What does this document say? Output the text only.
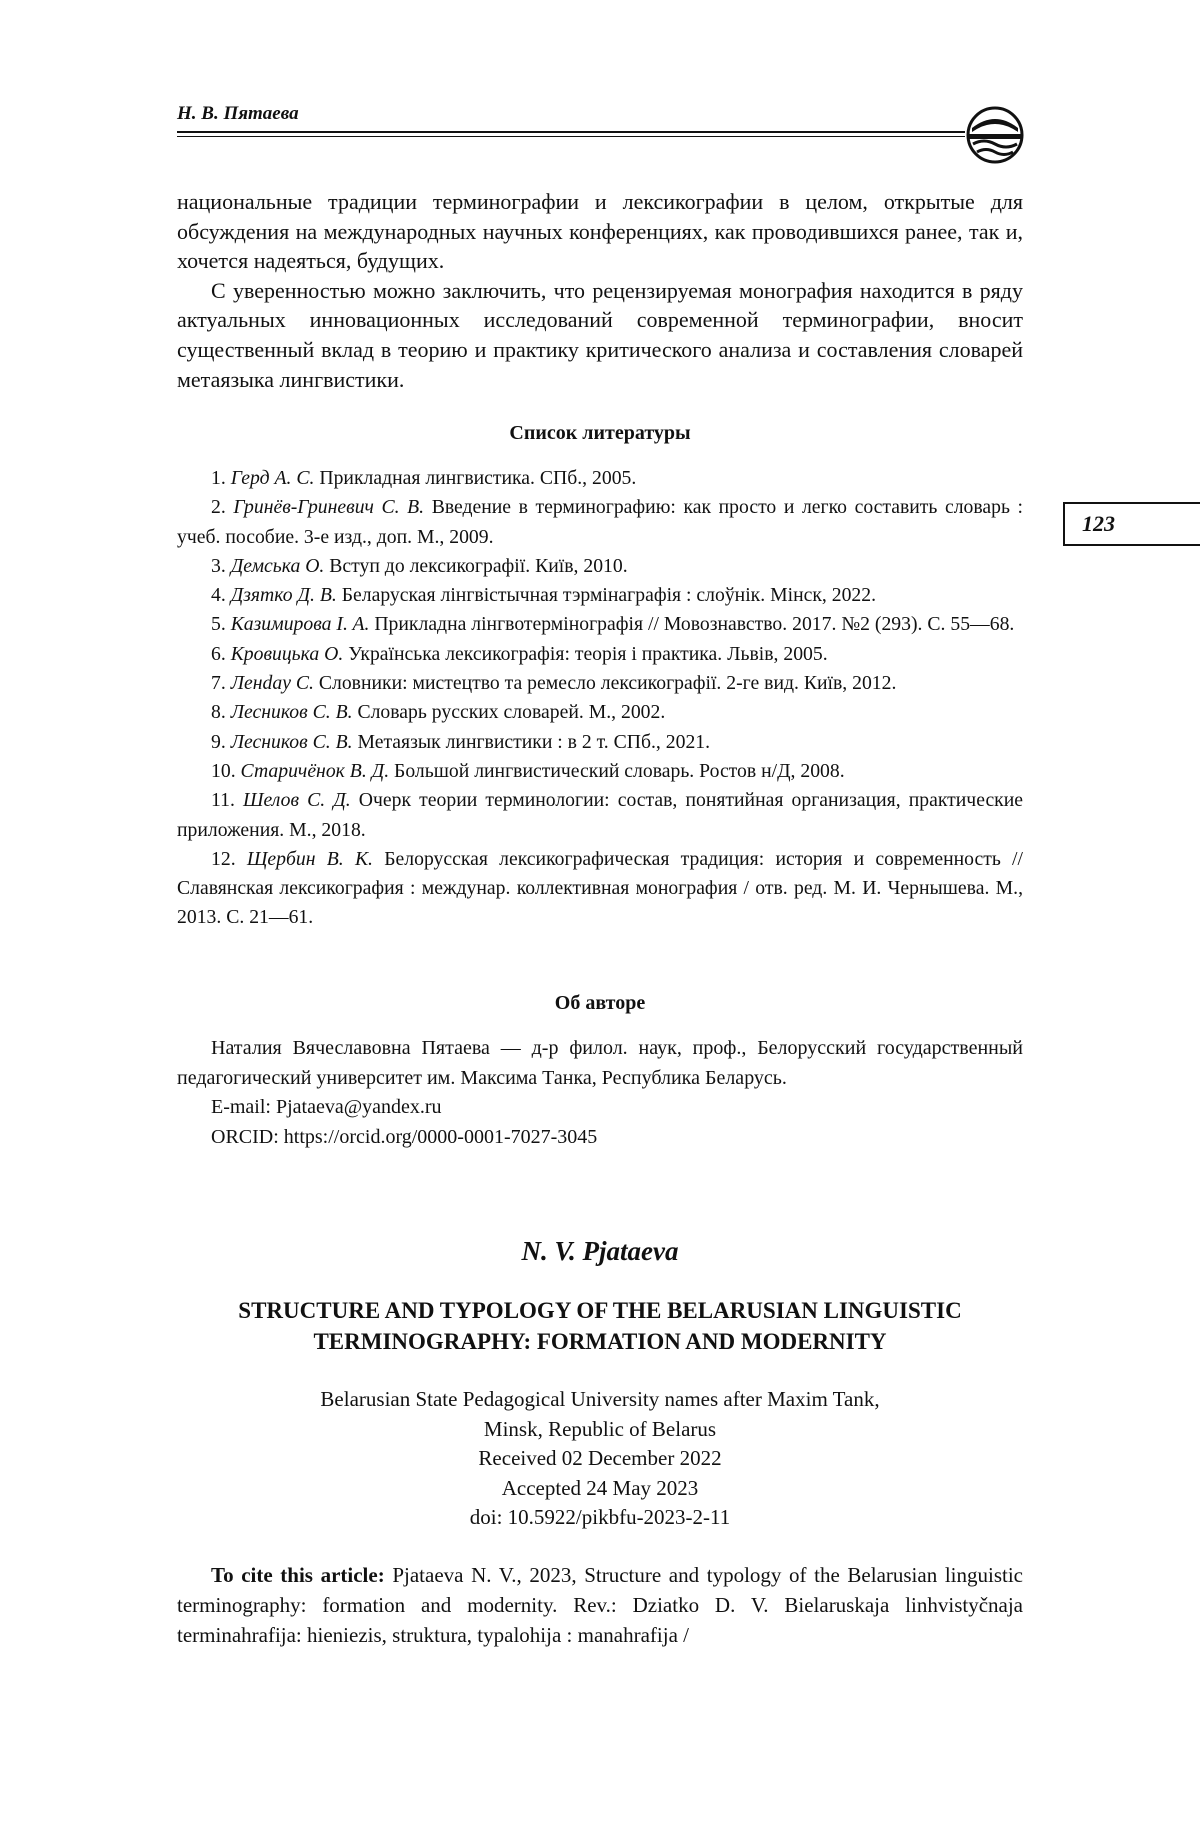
Н. В. Пятаева
123

национальные традиции терминографии и лексикографии в целом, открытые для обсуждения на международных научных конференциях, как проводившихся ранее, так и, хочется надеяться, будущих.

С уверенностью можно заключить, что рецензируемая монография находится в ряду актуальных инновационных исследований современной терминографии, вносит существенный вклад в теорию и практику критического анализа и составления словарей метаязыка лингвистики.

Список литературы

1. Герд А. С. Прикладная лингвистика. СПб., 2005.

2. Гринёв-Гриневич С. В. Введение в терминографию: как просто и легко составить словарь : учеб. пособие. 3-е изд., доп. М., 2009.

3. Демська О. Вступ до лексикографії. Київ, 2010.

4. Дзятко Д. В. Беларуская лінгвістычная тэрмінаграфія : слоўнік. Мінск, 2022.

5. Казимирова I. A. Прикладна лінгвотермінографія // Мовознавство. 2017. №2 (293). С. 55—68.

6. Кровицька О. Українська лексикографія: теорія і практика. Львів, 2005.

7. Ленday С. Словники: мистецтво та ремесло лексикографії. 2-ге вид. Київ, 2012.

8. Лесников С. В. Словарь русских словарей. М., 2002.

9. Лесников С. В. Метаязык лингвистики : в 2 т. СПб., 2021.

10. Старичёнок В. Д. Большой лингвистический словарь. Ростов н/Д, 2008.

11. Шелов С. Д. Очерк теории терминологии: состав, понятийная организация, практические приложения. М., 2018.

12. Щербин В. К. Белорусская лексикографическая традиция: история и современность // Славянская лексикография : междунар. коллективная монография / отв. ред. М. И. Чернышева. М., 2013. С. 21—61.

Об авторе

Наталия Вячеславовна Пятаева — д-р филол. наук, проф., Белорусский государственный педагогический университет им. Максима Танка, Республика Беларусь.

E-mail: Pjataeva@yandex.ru

ORCID: https://orcid.org/0000-0001-7027-3045

N. V. Pjataeva
STRUCTURE AND TYPOLOGY OF THE BELARUSIAN LINGUISTIC
TERMINOGRAPHY: FORMATION AND MODERNITY
Belarusian State Pedagogical University names after Maxim Tank,
Minsk, Republic of Belarus
Received 02 December 2022
Accepted 24 May 2023
doi: 10.5922/pikbfu-2023-2-11

To cite this article: Pjataeva N. V., 2023, Structure and typology of the Belarusian linguistic terminography: formation and modernity. Rev.: Dziatko D. V. Bielaruskaja linhvistyčnaja terminahrafija: hieniezis, struktura, typalohija : manahrafija /
